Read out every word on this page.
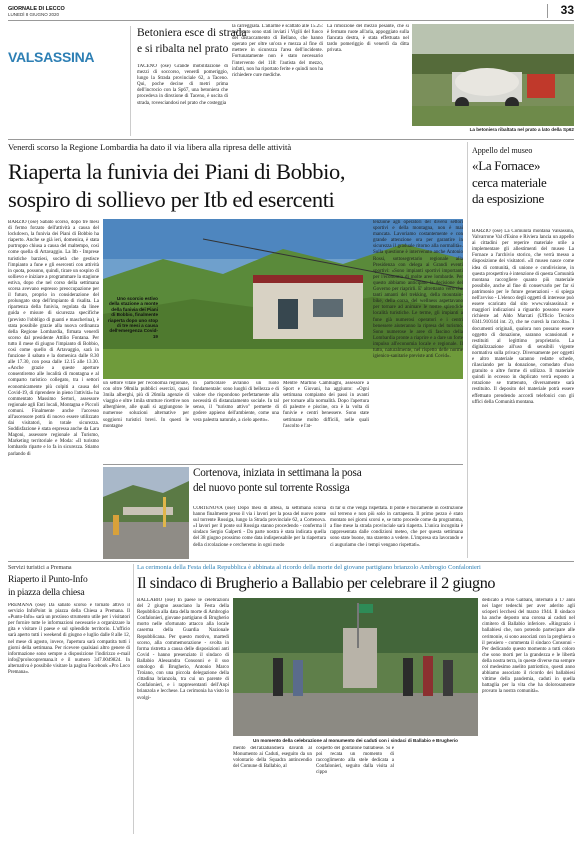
GIORNALE DI LECCO
LUNEDÌ 8 GIUGNO 2020	33
VALSASSINA
Betoniera esce di strada
e si ribalta nel prato
TACENO (ose) Grande mobilitazione di mezzi di soccorso, venerdì pomeriggio, lungo la Strada provinciale 62, a Taceno. Qui, poche decine di metri prima dell'incrocio con la Sp67, una betoniera che procedeva in direzione di Taceno, è uscita di strada, rovesciandosi nel prato che costeggia
la carreggiata. L'allarme è scattato alle 15.25: sul posto sono stati inviati i Vigili del fuoco del distaccamento di Bellano, che hanno operato per oltre un'ora e mezza al fine di mettere in sicurezza l'area dell'incidente. Fortunatamente non è stato necessario l'intervento del 118: l'autista del mezzo, infatti, non ha riportato ferite e quindi non ha richiedere cure mediche.
La rimozione del mezzo pesante, che si è fermato ruote all'aria, appoggiato sulla fiancata destra, è stata effettuata nel tardo pomeriggio di venerdì da ditta privata.
La betoniera ribaltata nel prato a lato della Sp62
Venerdì scorso la Regione Lombardia ha dato il via libera alla ripresa delle attività
Riaperta la funivia dei Piani di Bobbio,
sospiro di sollievo per Itb ed esercenti
BARZIO (ose) Sabato scorso, dopo tre mesi di fermo forzato dell'attività a causa del lockdown, la funivia dei Piani di Bobbio ha riaperto. Anche se già ieri, domenica, è stata purtroppo chiusa a causa del maltempo, così come quella di Artavaggio. La Itb - Imprese turistiche barziesi, società che gestisce l'impianto a fune e gli esercenti con attività in quota, possono, quindi, tirare un sospiro di sollievo e iniziare a programmare la stagione estiva, dopo che nel corso della settimana scorsa avevano espresso preoccupazione per il futuro, proprio in considerazione del prolungato stop dell'impianto di risalita. La ripartenza della funivia, regolata da linee guida e misure di sicurezza specifiche (previsto l'obbligo di guanti e mascherina), è stata possibile grazie alla nuova ordinanza della Regione Lombardia, firmata venerdì scorso dal presidente Attilio Fontana. Per tutto il mese di giugno l'impianto di Bobbio, così come quello di Artavaggio, sarà in funzione il sabato e la domenica dalle 8.30 alle 17.30, con posa dalle 12.15 alle 13.30. «Anche grazie a queste aperture consentiremo alle località di montagna e al comparto turistico collegato, tra i settori economicamente più colpiti a causa del Covid-19, di riprendere in pieno l'attività» ha commentato Massimo Sertori, assessore regionale agli Enti locali, Montagna e Piccoli comuni. Finalmente anche l'accesso all'ascensore potrà di nuovo essere utilizzato dai visitatori, in totale sicurezza. Soddisfazione è stata espressa anche da Lara Magoni, assessore regionale al Turismo, Marketing territoriale e Moda: «Il turismo lombardo riparte e lo fa in sicurezza. Stiamo parlando di
Uno scorcio estivo della stazione a monte della funivia dei Piani di Bobbio, finalmente riaperta dopo uno stop di tre mesi a causa dell'emergenza Covid-19
un settore vitale per l'economia regionale, con oltre 98mila pubblici esercizi, quasi 3mila alberghi, più di 26mila agenzie di viaggio e oltre 1mila strutture ricettive non alberghiere, alle quali si aggiungono le numerose soluzioni alternative per soggiorni turistici brevi. In questi le montagne
in particolare avranno un ruolo fondamentale: sono luoghi di bellezza e di valore che rispondono perfettamente alla necessità di distanziamento sociale. In tal senso, il "turismo attivo" permette di godere appieno dell'ambiente, come una vera palestra naturale, a cielo aperto».
Mentre Martino Cambiaghi, assessore a Sport e Giovani, ha aggiunto: «Ogni settimana compiamo dei passi in avanti per tornare alla normalità. Dopo l'apertura di palestre e piscine, ora è la volta di funivie e centri benessere. Sono state settimane molto difficili, nelle quali l'ascolto e l'at-
tenzione agli operatori del diversi settori sportivi e della montagna, non è mai mancata. Lavoriamo costantemente e con grande attenzione ora per garantire in sicurezza il graduale ritorno alla normalità». Sulla questione è intervenuto anche Antonio Rossi, sottosegretario regionale alla Presidenza con delega ai Grandi eventi sportivi: «Sono impianti sportivi importanti per l'economia di molte aree lombarde. Per questo abbiamo anticipato la decisione del Governo per riaprirli. E' altrettanto vero che tanti amanti del trekking, della mountain-bike, della corsa, del wellness aspettavano per tornare ad animare le nostre splendide località turistiche. Le terme, gli impianti a fune già numerosi operatori e i centri benessere aiuteranno la ripresa del turismo. Sono numerose le aree di fascino della Lombardia pronte a riaprire e a dare un forte impulso all'economia locale e regionale. Il tutto, naturalmente, nel rispetto delle norme igienico-sanitarie previste anti Covid».
Cortenova, iniziata in settimana la posa
del nuovo ponte sul torrente Rossiga
CORTENOVA (ose) Dopo mesi di attesa, la settimana scorsa hanno finalmente preso il via i lavori per la posa del nuovo ponte sul torrente Rossiga, lungo la Strada provinciale 62, a Cortenova. «I lavori per il ponte sul Rossiga stanno procedendo - conferma il sindaco Sergio Galperti - Da parte nostra è stata indicata quella del 38 giugno prossimo come data indispensabile per la riapertura della circolazione e cercheremo in ogni modo
di far sì che venga rispettata. Il ponte è fisicamente in costruzione sul terreno e non più solo in cartapesta. Il primo pezzo è stato montato nei giorni scorsi e, se tutto procede come da programma, a fine mese la strada provinciale sarà riaperta. L'unica incognita è rappresentata dalle condizioni meteo, che per questa settimana sono state buone, ma staremo a vedere. L'impresa sta lavorando e ci auguriamo che i tempi vengano rispettati».
Appello del museo
«La Fornace»
cerca materiale
da esposizione
BARZIO (ose) La Comunità montana Valsassina, Valvarrone Val d'Esino e Riviera lancia un appello ai cittadini per reperire materiale utile a implementare gli allestimenti del museo La Fornace a l'archivio storico, che verrà messo a disposizione dei visitatori. «Il museo nasce come idea di comunità, di unione e condivisione, in questa prospettiva è intenzione di questa Comunità montana raccogliere quanto più materiale possibile, anche al fine di conservarlo per far sì patrimonio per le future generazioni - si spiega nell'avviso - L'elenco degli oggetti di interesse può essere scaricato dal sito www.valsassina.it e maggiori indicazioni a riguardo possono essere richieste ad Aldo Marcati (Ufficio Tecnico 0341.910144 int. 2), che ne curerà la raccolta». I documenti originali, qualora non possano essere oggetto di donazione, saranno scansionati e restituiti al legittimo proprietario. La digitalizzazione all'uso di sensibili vigente normativa sulla privacy. Diversamente per oggetti e altro materiale saranno redatte schede, rilasciando per la donazione, comodato d'uso gratuito o altre forme di utilizzo. Il materiale quindi in eccesso in duplicato verrà esposto a rotazione se trattenuto, diversamente sarà restituito. Il deposito del materiale potrà essere effettuato prendendo accordi telefonici con gli uffici della Comunità montana.
Servizi turistici a Premana
Riaperto il Punto-Info
in piazza della chiesa
PREMANA (ose) Da sabato scorso è tornato attivo il servizio InfoPoint in piazza della Chiesa a Premana. Il «Punto-Info» sarà un prezioso strumento utile per i visitatori per fornire tutte le informazioni necessarie a organizzare la gita e visitare il paese e sul splendido territorio. L'ufficio sarà aperto tutti i weekend di giugno e luglio dalle 8 alle 12, nel mese di agosto, invece, l'apertura sarà compatita tutti i giorni della settimana. Per ricevere qualsiasi altro genere di informazione sono sempre a disposizione l'indirizzo e-mail info@prolocopremana.it e il numero 347.0049824. In alternativa è possibile visitare la pagina Facebook «Pro Loco Premana».
La cerimonia della Festa della Repubblica è abbinata al ricordo della morte del giovane partigiano brianzolo Ambrogio Confalonieri
Il sindaco di Brugherio a Ballabio per celebrare il 2 giugno
BALLABIO (ose) In paese le celebrazioni del 2 giugno associano la Festa della Repubblica alla data della morte di Ambrogio Confalonieri, giovane partigiano di Brugherio morto nelle sfortunato attacco alla locale caserma della Guardia Nazionale Repubblicana. Per questo motivo, martedì scorso, alla commemorazione - svolta in forma ristretta a causa delle disposizioni anti Covid - hanno presenziato il sindaco di Ballabio Alessandra Consonni e il suo omologo di Brugherio, Antonio Marco Troiano, con una piccola delegazione della cittadina brianzola, tra cui un parente di Confalonieri, e i rappresentanti dell'Anpi brianzola e lecchese. La cerimonia ha visto lo svolgi-
Un momento della celebrazione al monumento dei caduti con i sindaci di Ballabio e Brugherio
mento dell'alzabandiera davanti al Monumento ai Caduti, eseguito da un volontario della Squadra antincendio del Comune di Ballabio, al
cospetto del gonfalone ballabiese. Si è poi recata un momento di raccoglimento alla stele dedicata a Confalonieri, seguito dalla visita al cippo
dedicato a Pino Galbani, internato a 17 anni nei lager tedeschi per aver aderito agli scioperi lecchesi del marzo 1944. Il sindaco ha anche deposto una corona ai caduti nel cimitero di Ballabio inferiore. «Ringrazio i ballabiesi che, non potendo partecipare alle cerimonie, si sono associati con la preghiera o il pensiero - commenta il sindaco Consonni - Per dedicando questo momento a tutti coloro che sono morti per la grandezza e le libertà della nostra terra, in queste diverse ma sempre col medesimo anelito patriottico, questi anno abbiamo associato il ricordo dei ballabiesi vittime della pandemia, caduti in quella battaglia per la vita che ha dolorosamente provato la nostra comunità».
